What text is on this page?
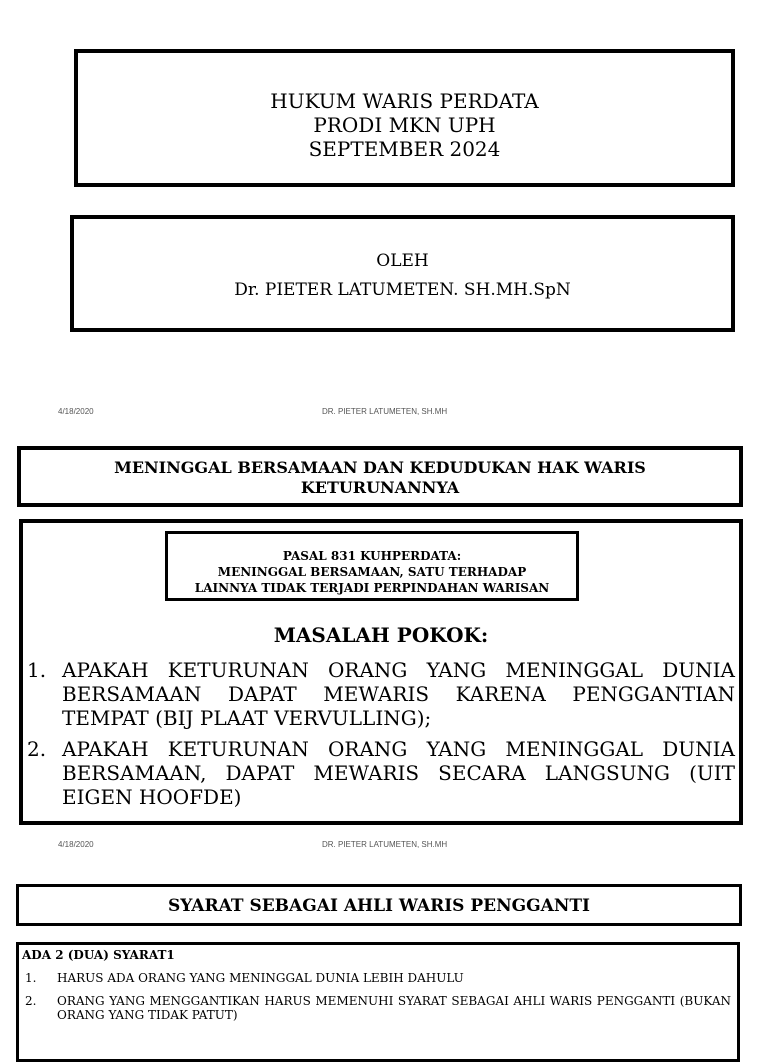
HUKUM WARIS PERDATA
PRODI MKN UPH
SEPTEMBER 2024
OLEH
Dr. PIETER LATUMETEN. SH.MH.SpN
4/18/2020	DR. PIETER LATUMETEN, SH.MH
MENINGGAL BERSAMAAN DAN KEDUDUKAN HAK WARIS
KETURUNANNYA
PASAL 831 KUHPERDATA:
MENINGGAL BERSAMAAN, SATU TERHADAP
LAINNYA TIDAK TERJADI PERPINDAHAN WARISAN
MASALAH POKOK:
1. APAKAH KETURUNAN ORANG YANG MENINGGAL DUNIA BERSAMAAN DAPAT MEWARIS KARENA PENGGANTIAN TEMPAT (BIJ PLAAT VERVULLING);
2. APAKAH KETURUNAN ORANG YANG MENINGGAL DUNIA BERSAMAAN, DAPAT MEWARIS SECARA LANGSUNG (UIT EIGEN HOOFDE)
4/18/2020	DR. PIETER LATUMETEN, SH.MH
SYARAT SEBAGAI AHLI WARIS PENGGANTI
ADA 2 (DUA) SYARAT1
1. HARUS ADA ORANG YANG MENINGGAL DUNIA LEBIH DAHULU
2. ORANG YANG MENGGANTIKAN HARUS MEMENUHI SYARAT SEBAGAI AHLI WARIS PENGGANTI (BUKAN ORANG YANG TIDAK PATUT)
